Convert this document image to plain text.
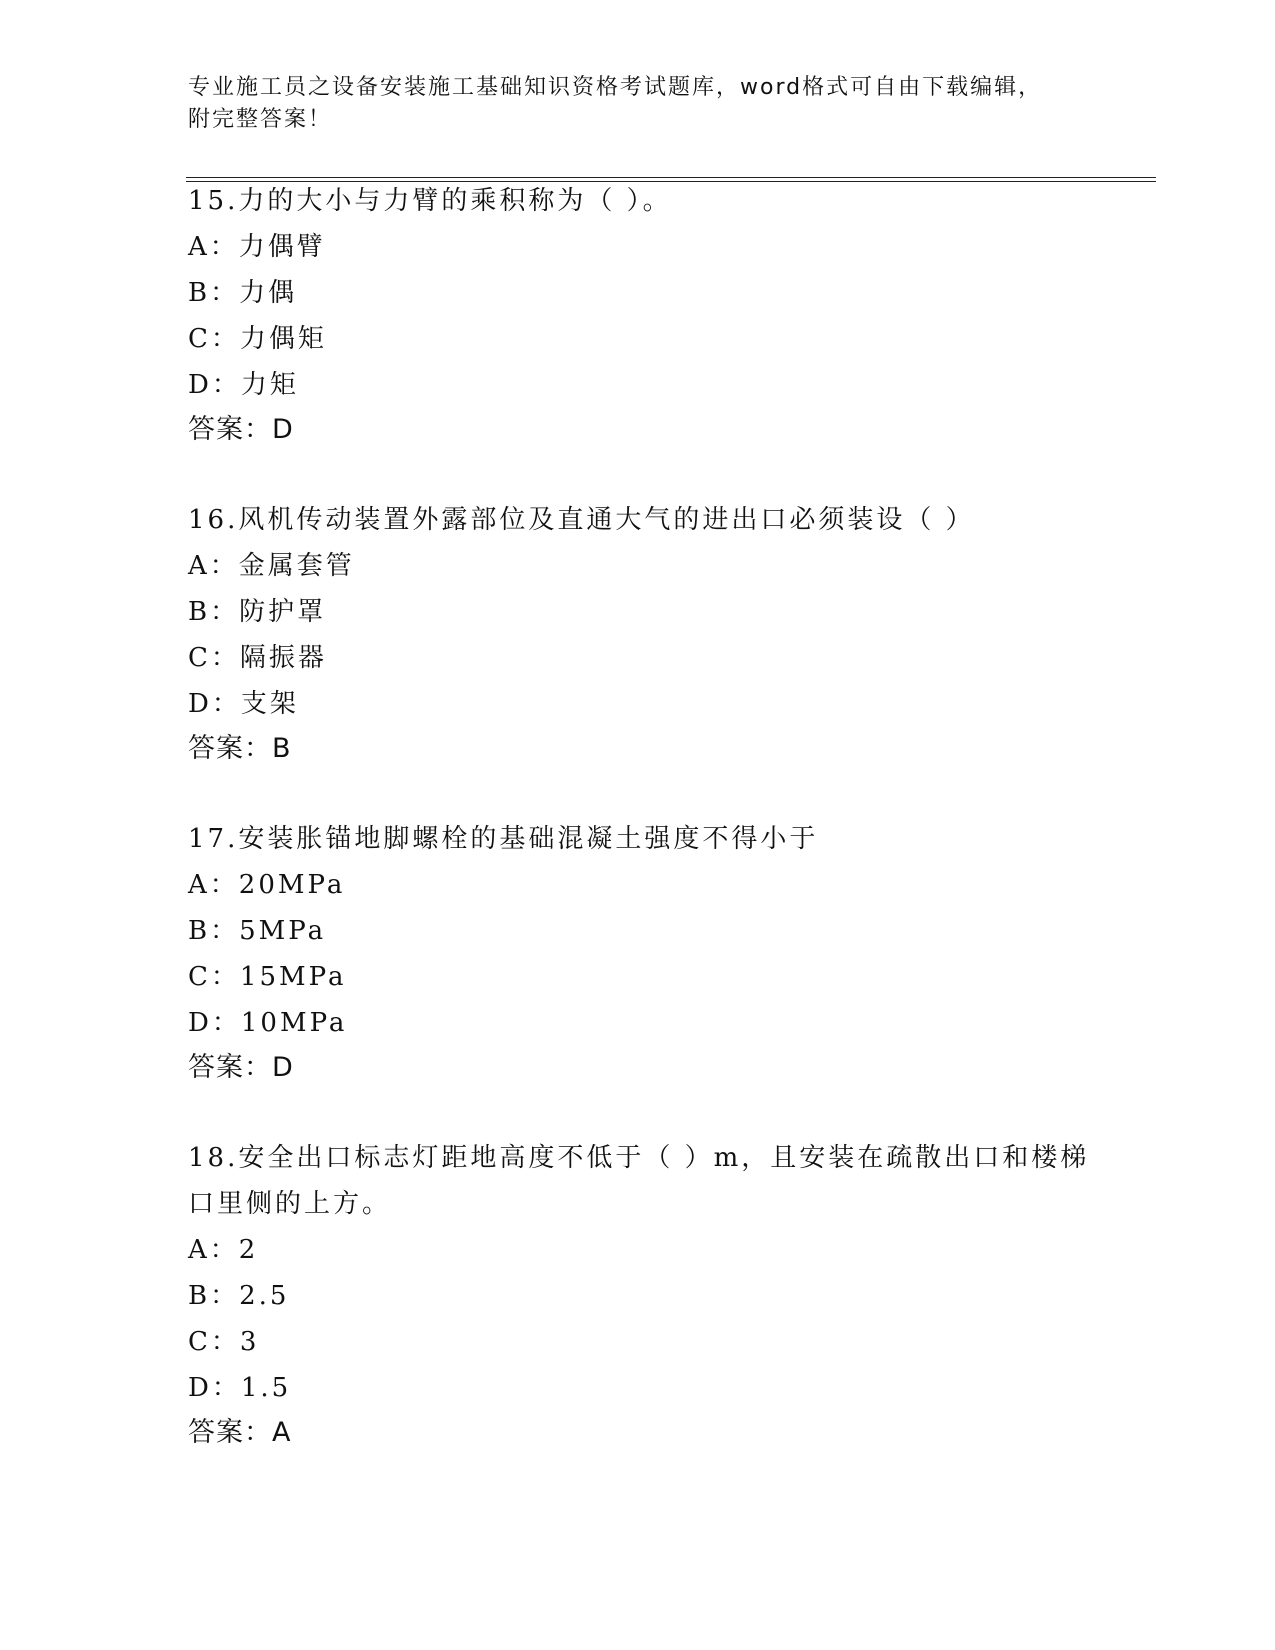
专业施工员之设备安装施工基础知识资格考试题库，word格式可自由下载编辑，
附完整答案！
15.力的大小与力臂的乘积称为（ ）。
A：力偶臂
B：力偶
C：力偶矩
D：力矩
答案：D
16.风机传动装置外露部位及直通大气的进出口必须装设（ ）
A：金属套管
B：防护罩
C：隔振器
D：支架
答案：B
17.安装胀锚地脚螺栓的基础混凝土强度不得小于
A：20MPa
B：5MPa
C：15MPa
D：10MPa
答案：D
18.安全出口标志灯距地高度不低于（ ）m，且安装在疏散出口和楼梯
口里侧的上方。
A：2
B：2.5
C：3
D：1.5
答案：A
